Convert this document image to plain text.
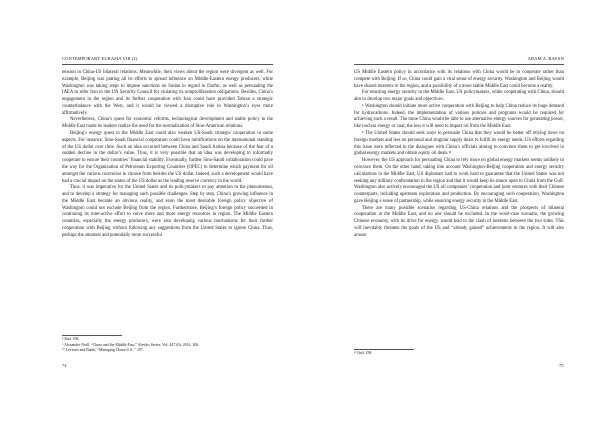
CONTEMPORARY EURASIA VIII (2)

tension in China-US bilateral relations. Meanwhile, their views about the region were divergent as well. For example, Beijing was putting all its efforts to spread influence on Middle-Eastern energy producers, while Washington was taking steps to impose sanctions on Sudan in regard to Darfur, as well as persuading the IAEA to refer Iran to the UN Security Council for violating its nonproliferation obligations. Besides, China’s engagement in the region and its further cooperation with Iran could have provided Tehran a strategic counterbalance with the West, and it would be viewed a disruptive role in Washington’s eyes more affirmatively.

Nevertheless, China’s quest for economic reforms, technological development and stable policy in the Middle East made its leaders realize the need for the normalization of Sino-American relations.

Beijing’s energy quest in the Middle East could also weaken US-Saudi strategic cooperation in some aspects. For instance, Sino-Saudi financial cooperation could have ramifications on the international standing of the US dollar over time. Such an idea occurred between China and Saudi Arabia because of the fear of a sudden decline in the dollar’s value. Thus, it is very possible that an idea was developing to informally cooperate to ensure their countries’ financial stability. Eventually, further Sino-Saudi collaboration could pave the way for the Organization of Petroleum Exporting Countries (OPEC) to determine which payment for oil amongst the various currencies to choose from besides the US dollar. Indeed, such a development would have had a crucial impact on the status of the US dollar as the leading reserve currency in the world.

Thus, it was imperative for the United States and its policymakers to pay attention to the phenomenon, and to develop a strategy for managing such possible challenges. Step by step, China’s growing influence in the Middle East became an obvious reality, and even the most desirable foreign policy objective of Washington could not exclude Beijing from the region. Furthermore, Beijing’s foreign policy succeeded in continuing its inter-active effort to solve more and more energy resources in region. The Middle Eastern countries, especially the energy producers, were also developing various mechanisms for their further cooperation with Beijing without following any suggestions from the United States to ignore China. Thus, perhaps the smartest and potentially more successful

⁸ Ibid, 196.
⁹ Alexander Neill, “China and the Middle East,” Aleyhis Series, Vol. 447 (6), 2014, 206.
¹⁰ Leverett and Bader, “Managing China-U.S.,” 197.
74
ARAM A. BAYAN

US Middle Eastern policy in accordance with its relations with China would be to cooperate rather than compete with Beijing. If so, China could gain a vital sense of energy security. Washington and Beijing would have shared interests in the region, and a possibility of a more stable Middle East could become a reality.

For ensuring energy security in the Middle East, US policymakers, while cooperating with China, should aim to develop two major goals and objectives:

• Washington should initiate more active cooperation with Beijing to help China reduce its huge demand for hydrocarbons. Indeed, the implementation of various policies and programs would be required for achieving such a result. The more China would be able to use alternative energy sources for generating power, like nuclear energy or coal, the less it will need to import oil from the Middle East.

• The United States should seek ways to persuade China that they would be better off relying more on foreign markets and less on personal and singular supply deals to fulfill its energy needs. US efforts regarding this issue were reflected in the dialogues with China’s officials aiming to convince them to get involved in global energy markets and obtain equity oil deals.¹¹

However, the US approach for persuading China to rely more on global energy markets seems unlikely to convince them. On the other hand, taking into account Washington-Beijing cooperation and energy security calculations in the Middle East, US diplomats had to work hard to guarantee that the United States was not seeking any military confrontation in the region and that it would keep its stance open to China from the Gulf. Washington also actively encouraged the US oil companies’ cooperation and joint ventures with their Chinese counterparts, including upstream exploration and production. By encouraging such cooperation, Washington gave Beijing a sense of partnership, while ensuring energy security in the Middle East.

There are many possible scenarios regarding US-China relations and the prospects of bilateral cooperation in the Middle East, and no one should be excluded. In the worst-case scenario, the growing Chinese economy, with its drive for energy, would lead to the clash of interests between the two sides. This will inevitably threaten the goals of the US and “already gained” achievements in the region. It will also arouse

¹¹ Ibid, 198.
75
